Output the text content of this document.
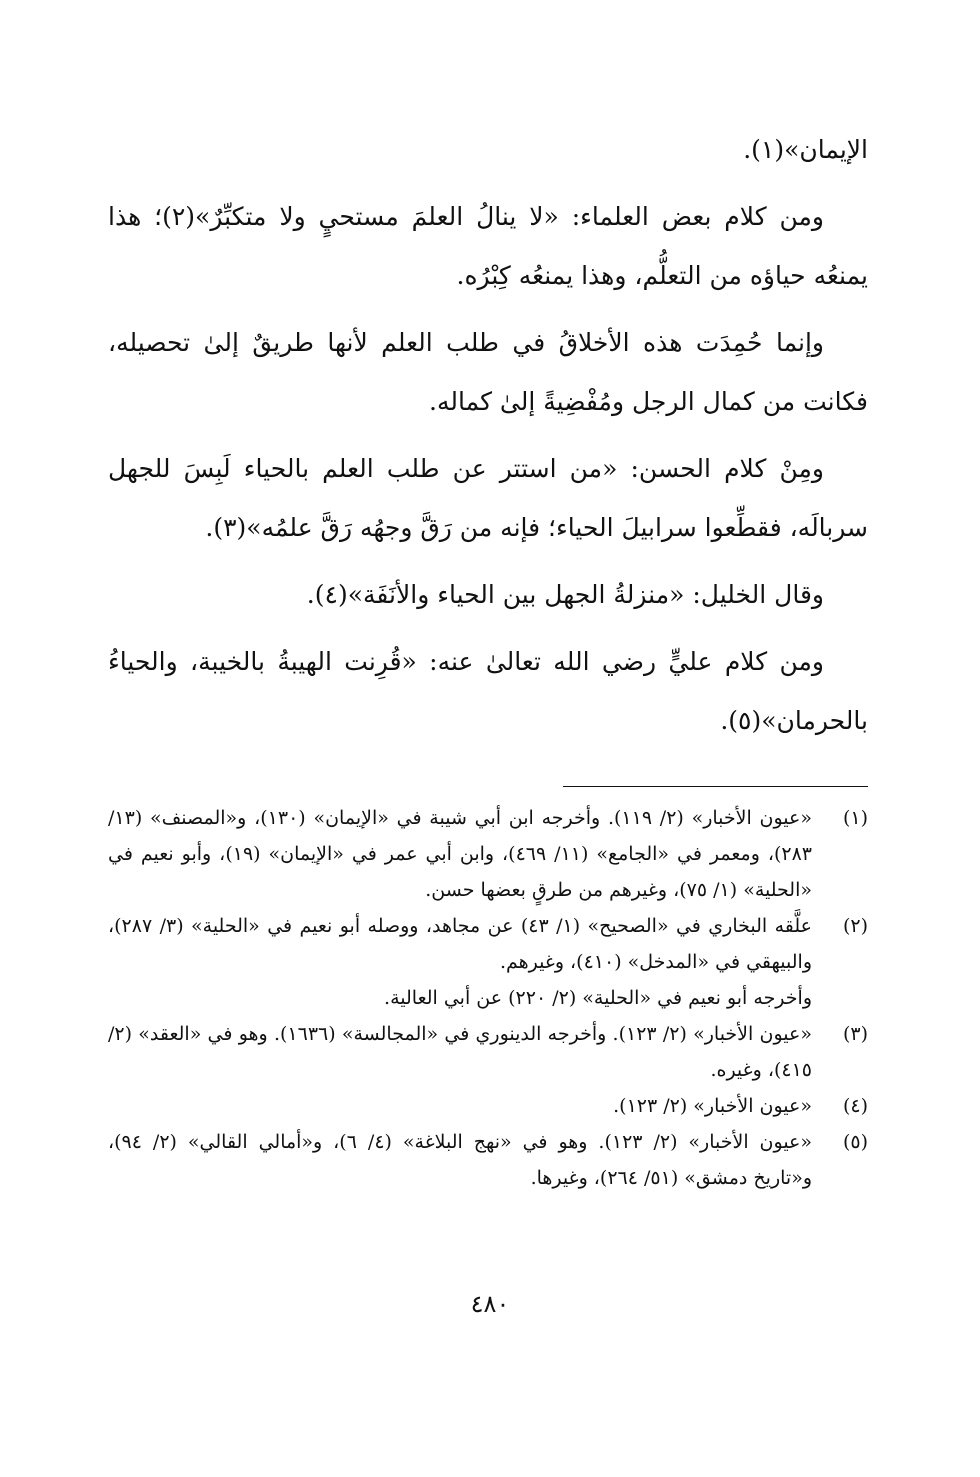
الإيمان»(١).

ومن كلام بعض العلماء: «لا ينالُ العلمَ مستحيٍ ولا متكبِّرٌ»(٢)؛ هذا يمنعُه حياؤه من التعلُّم، وهذا يمنعُه كِبْرُه.

وإنما حُمِدَت هذه الأخلاقُ في طلب العلم لأنها طريقٌ إلىٰ تحصيله، فكانت من كمال الرجل ومُفْضِيةً إلىٰ كماله.

ومِنْ كلام الحسن: «من استتر عن طلب العلم بالحياء لَبِسَ للجهل سربالَه، فقطِّعوا سرابيلَ الحياء؛ فإنه من رَقَّ وجهُه رَقَّ علمُه»(٣).

وقال الخليل: «منزلةُ الجهل بين الحياء والأنَفَة»(٤).

ومن كلام عليٍّ رضي الله تعالىٰ عنه: «قُرِنت الهيبةُ بالخيبة، والحياءُ بالحرمان»(٥).

(١)
«عيون الأخبار» (٢/ ١١٩). وأخرجه ابن أبي شيبة في «الإيمان» (١٣٠)، و«المصنف» (١٣/ ٢٨٣)، ومعمر في «الجامع» (١١/ ٤٦٩)، وابن أبي عمر في «الإيمان» (١٩)، وأبو نعيم في «الحلية» (١/ ٧٥)، وغيرهم من طرقٍ بعضها حسن.
(٢)
علَّقه البخاري في «الصحيح» (١/ ٤٣) عن مجاهد، ووصله أبو نعيم في «الحلية» (٣/ ٢٨٧)، والبيهقي في «المدخل» (٤١٠)، وغيرهم.
وأخرجه أبو نعيم في «الحلية» (٢/ ٢٢٠) عن أبي العالية.
(٣)
«عيون الأخبار» (٢/ ١٢٣). وأخرجه الدينوري في «المجالسة» (١٦٣٦). وهو في «العقد» (٢/ ٤١٥)، وغيره.
(٤)
«عيون الأخبار» (٢/ ١٢٣).
(٥)
«عيون الأخبار» (٢/ ١٢٣). وهو في «نهج البلاغة» (٤/ ٦)، و«أمالي القالي» (٢/ ٩٤)، و«تاريخ دمشق» (٥١/ ٢٦٤)، وغيرها.
٤٨٠
